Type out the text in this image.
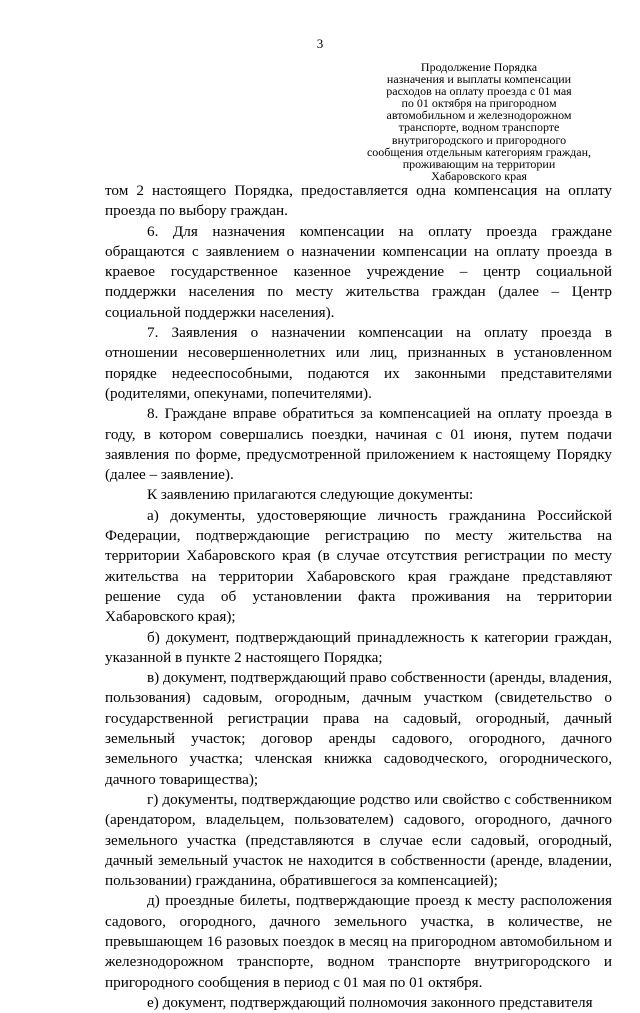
3
Продолжение Порядка
назначения и выплаты компенсации
расходов на оплату проезда с 01 мая
по 01 октября на пригородном
автомобильном и железнодорожном
транспорте, водном транспорте
внутригородского и пригородного
сообщения отдельным категориям граждан,
проживающим на территории
Хабаровского края

том 2 настоящего Порядка, предоставляется одна компенсация на оплату проезда по выбору граждан.

6. Для назначения компенсации на оплату проезда граждане обращаются с заявлением о назначении компенсации на оплату проезда в краевое государственное казенное учреждение – центр социальной поддержки населения по месту жительства граждан (далее – Центр социальной поддержки населения).

7. Заявления о назначении компенсации на оплату проезда в отношении несовершеннолетних или лиц, признанных в установленном порядке недееспособными, подаются их законными представителями (родителями, опекунами, попечителями).

8. Граждане вправе обратиться за компенсацией на оплату проезда в году, в котором совершались поездки, начиная с 01 июня, путем подачи заявления по форме, предусмотренной приложением к настоящему Порядку (далее – заявление).

К заявлению прилагаются следующие документы:

а) документы, удостоверяющие личность гражданина Российской Федерации, подтверждающие регистрацию по месту жительства на территории Хабаровского края (в случае отсутствия регистрации по месту жительства на территории Хабаровского края граждане представляют решение суда об установлении факта проживания на территории Хабаровского края);

б) документ, подтверждающий принадлежность к категории граждан, указанной в пункте 2 настоящего Порядка;

в) документ, подтверждающий право собственности (аренды, владения, пользования) садовым, огородным, дачным участком (свидетельство о государственной регистрации права на садовый, огородный, дачный земельный участок; договор аренды садового, огородного, дачного земельного участка; членская книжка садоводческого, огороднического, дачного товарищества);

г) документы, подтверждающие родство или свойство с собственником (арендатором, владельцем, пользователем) садового, огородного, дачного земельного участка (представляются в случае если садовый, огородный, дачный земельный участок не находится в собственности (аренде, владении, пользовании) гражданина, обратившегося за компенсацией);

д) проездные билеты, подтверждающие проезд к месту расположения садового, огородного, дачного земельного участка, в количестве, не превышающем 16 разовых поездок в месяц на пригородном автомобильном и железнодорожном транспорте, водном транспорте внутригородского и пригородного сообщения в период с 01 мая по 01 октября.

е) документ, подтверждающий полномочия законного представителя
